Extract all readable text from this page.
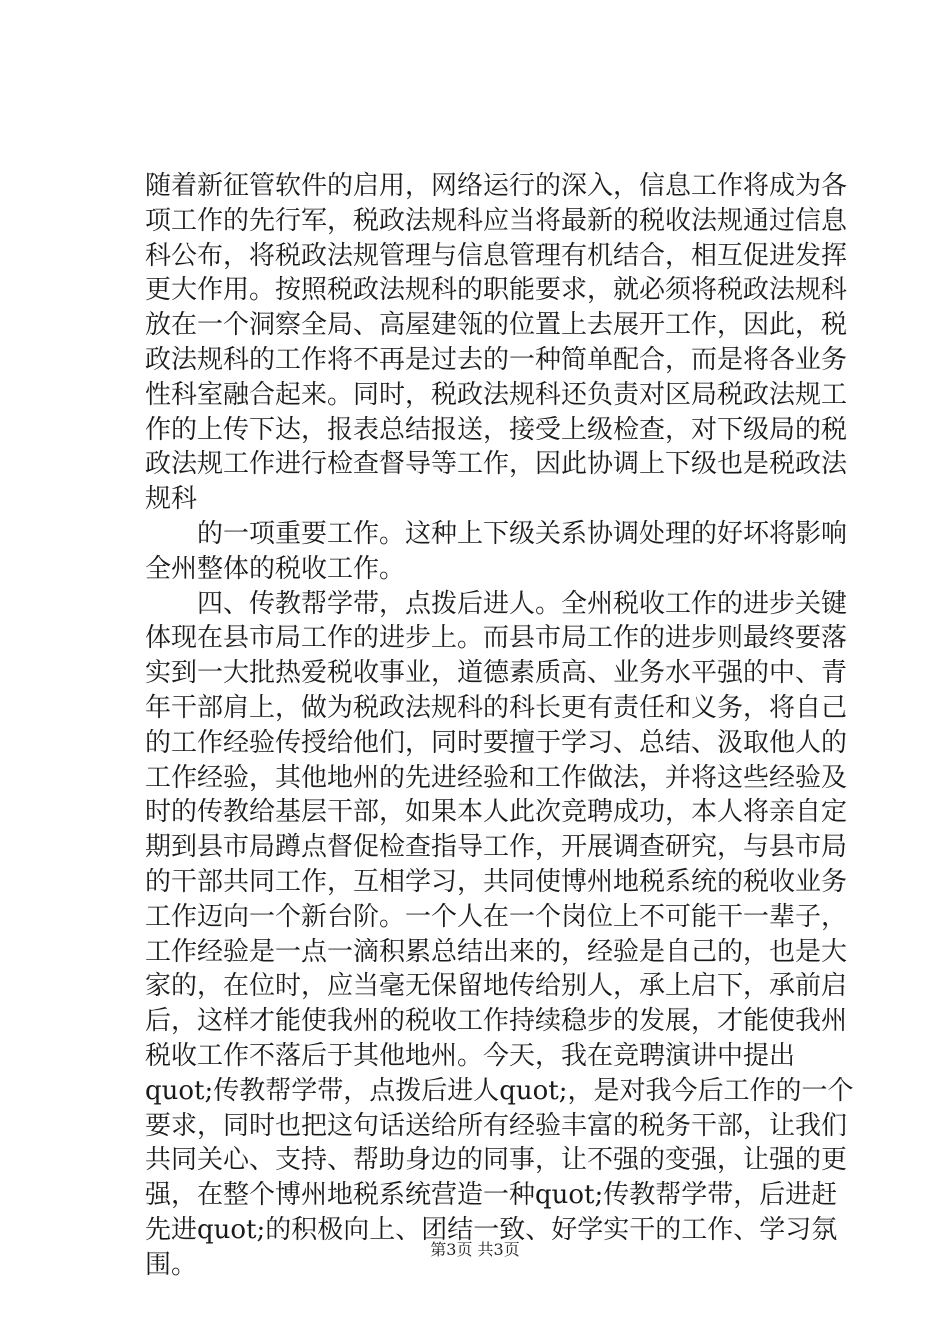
随着新征管软件的启用，网络运行的深入，信息工作将成为各
项工作的先行军，税政法规科应当将最新的税收法规通过信息
科公布，将税政法规管理与信息管理有机结合，相互促进发挥
更大作用。按照税政法规科的职能要求，就必须将税政法规科
放在一个洞察全局、高屋建瓴的位置上去展开工作，因此，税
政法规科的工作将不再是过去的一种简单配合，而是将各业务
性科室融合起来。同时，税政法规科还负责对区局税政法规工
作的上传下达，报表总结报送，接受上级检查，对下级局的税
政法规工作进行检查督导等工作，因此协调上下级也是税政法
规科
　　的一项重要工作。这种上下级关系协调处理的好坏将影响
全州整体的税收工作。
　　四、传教帮学带，点拨后进人。全州税收工作的进步关键
体现在县市局工作的进步上。而县市局工作的进步则最终要落
实到一大批热爱税收事业，道德素质高、业务水平强的中、青
年干部肩上，做为税政法规科的科长更有责任和义务，将自己
的工作经验传授给他们，同时要擅于学习、总结、汲取他人的
工作经验，其他地州的先进经验和工作做法，并将这些经验及
时的传教给基层干部，如果本人此次竞聘成功，本人将亲自定
期到县市局蹲点督促检查指导工作，开展调查研究，与县市局
的干部共同工作，互相学习，共同使博州地税系统的税收业务
工作迈向一个新台阶。一个人在一个岗位上不可能干一辈子，
工作经验是一点一滴积累总结出来的，经验是自己的，也是大
家的，在位时，应当毫无保留地传给别人，承上启下，承前启
后，这样才能使我州的税收工作持续稳步的发展，才能使我州
税收工作不落后于其他地州。今天，我在竞聘演讲中提出
quot;传教帮学带，点拨后进人quot;，是对我今后工作的一个
要求，同时也把这句话送给所有经验丰富的税务干部，让我们
共同关心、支持、帮助身边的同事，让不强的变强，让强的更
强，在整个博州地税系统营造一种quot;传教帮学带，后进赶
先进quot;的积极向上、团结一致、好学实干的工作、学习氛
围。
第3页 共3页
